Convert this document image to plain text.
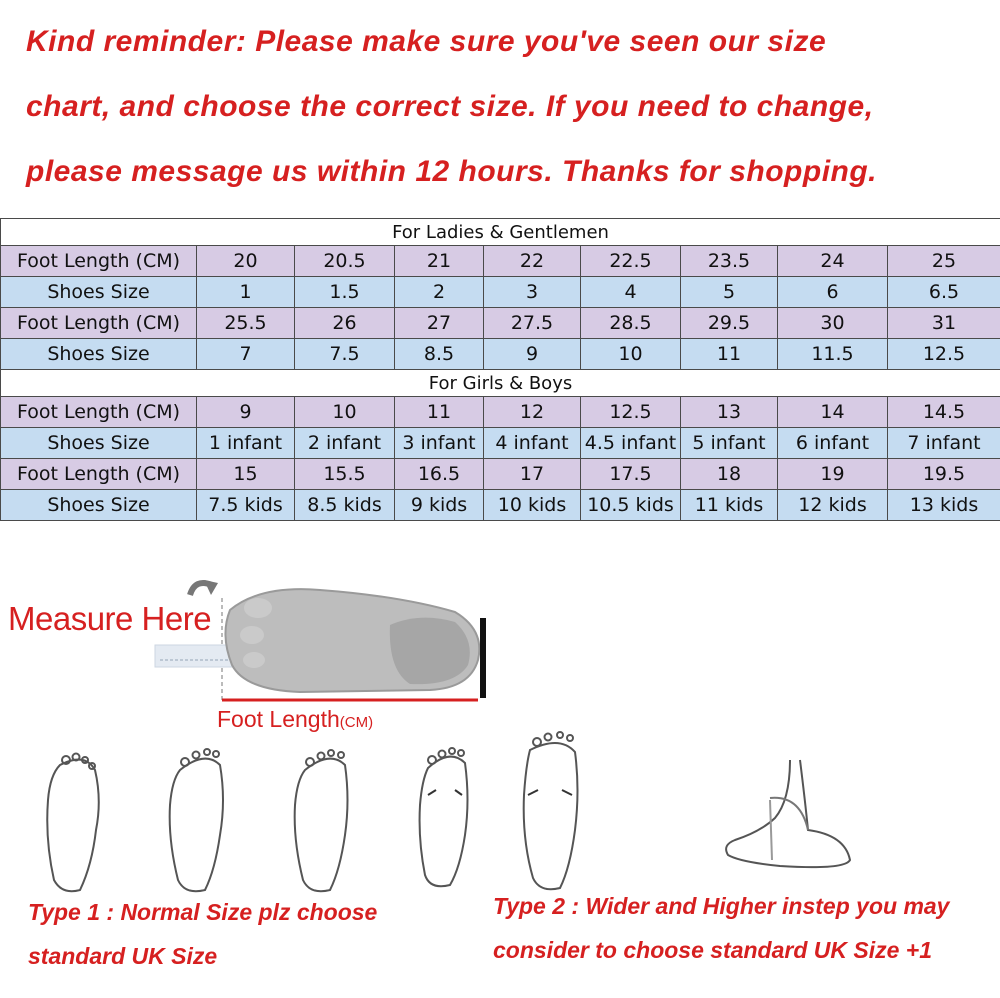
Kind reminder: Please make sure you've seen our size
chart, and choose the correct size. If you need to change,
please message us within 12 hours. Thanks for shopping.
For Ladies & Gentlemen								
Foot Length (CM)	20	20.5	21	22	22.5	23.5	24	25
Shoes Size	1	1.5	2	3	4	5	6	6.5
Foot Length (CM)	25.5	26	27	27.5	28.5	29.5	30	31
Shoes Size	7	7.5	8.5	9	10	11	11.5	12.5
For Girls & Boys								
Foot Length (CM)	9	10	11	12	12.5	13	14	14.5
Shoes Size	1 infant	2 infant	3 infant	4 infant	4.5 infant	5 infant	6 infant	7 infant
Foot Length (CM)	15	15.5	16.5	17	17.5	18	19	19.5
Shoes Size	7.5 kids	8.5 kids	9 kids	10 kids	10.5 kids	11 kids	12 kids	13 kids
Measure Here
Foot Length(CM)
Type 1 : Normal Size plz choose
standard UK Size
Type 2 : Wider and Higher instep you may
consider to choose standard UK Size +1
